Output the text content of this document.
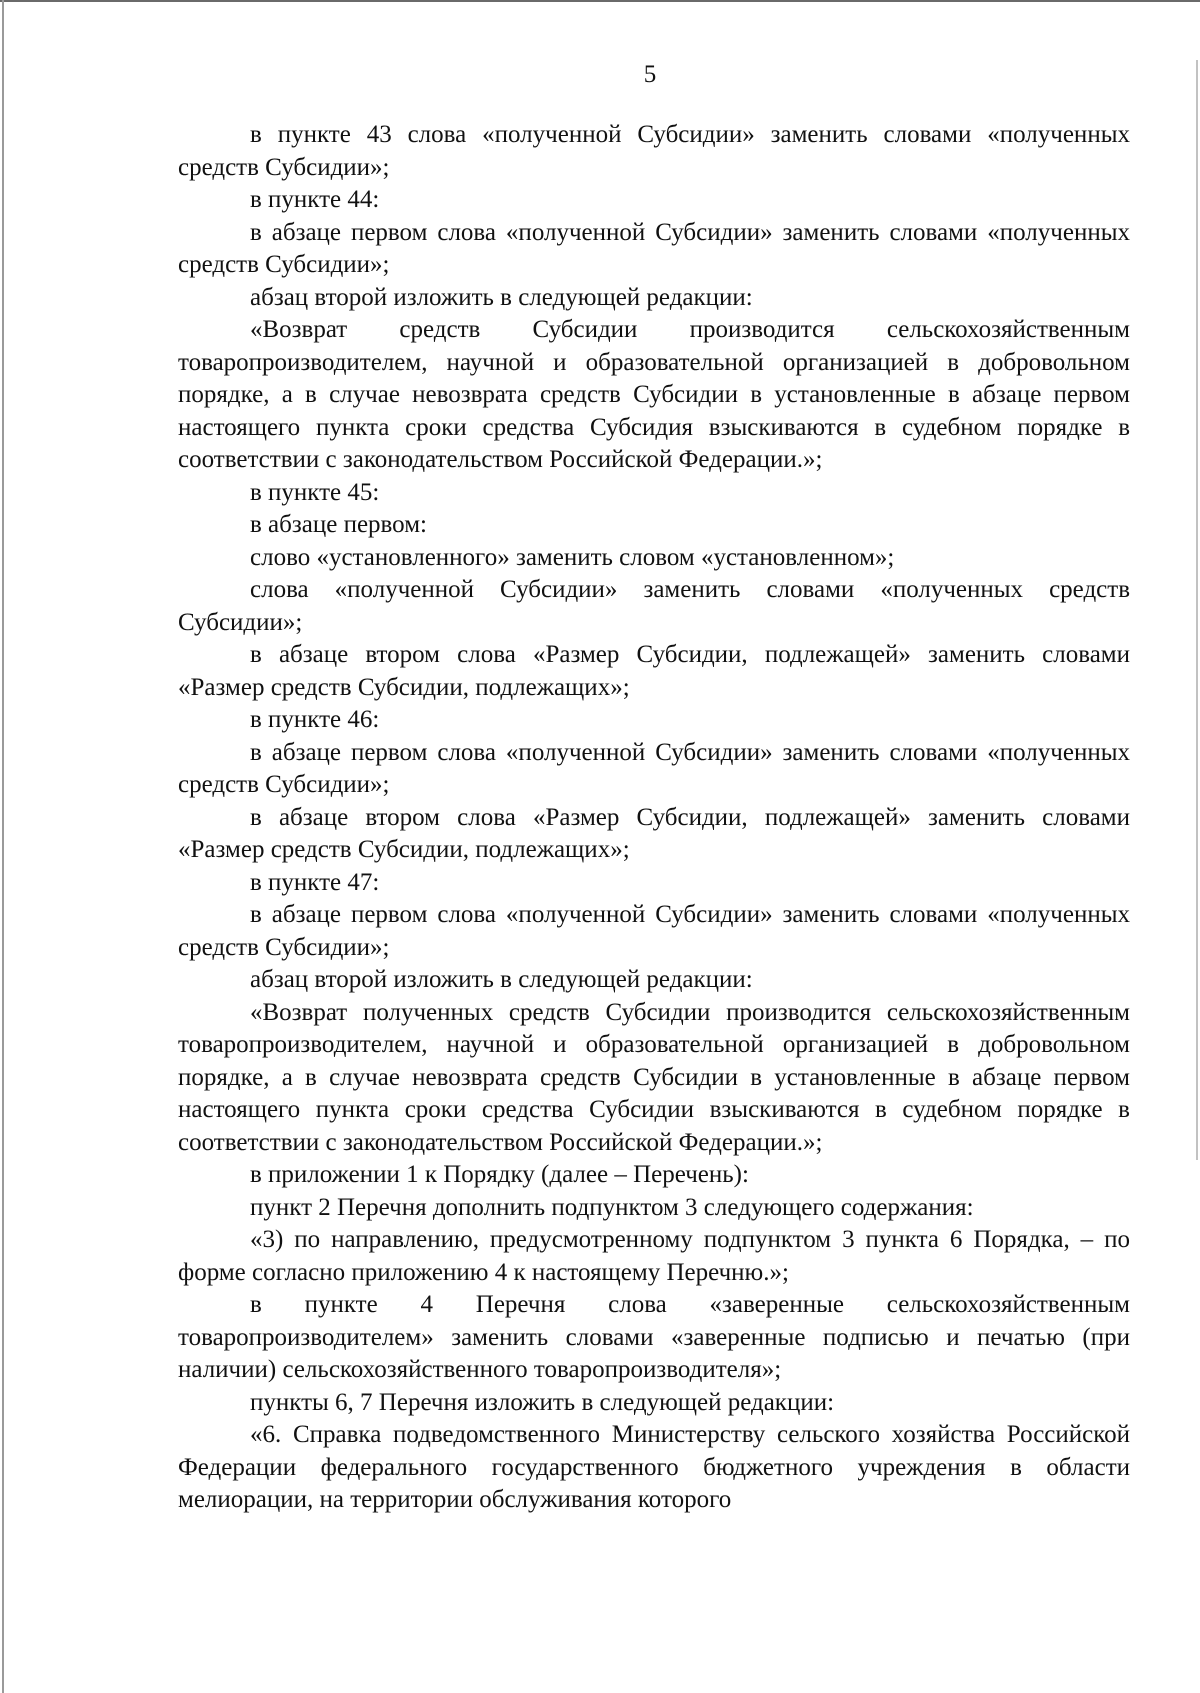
5

в пункте 43 слова «полученной Субсидии» заменить словами «полученных средств Субсидии»;

в пункте 44:

в абзаце первом слова «полученной Субсидии» заменить словами «полученных средств Субсидии»;

абзац второй изложить в следующей редакции:

«Возврат средств Субсидии производится сельскохозяйственным товаропроизводителем, научной и образовательной организацией в добровольном порядке, а в случае невозврата средств Субсидии в установленные в абзаце первом настоящего пункта сроки средства Субсидия взыскиваются в судебном порядке в соответствии с законодательством Российской Федерации.»;

в пункте 45:

в абзаце первом:

слово «установленного» заменить словом «установленном»;

слова «полученной Субсидии» заменить словами «полученных средств Субсидии»;

в абзаце втором слова «Размер Субсидии, подлежащей» заменить словами «Размер средств Субсидии, подлежащих»;

в пункте 46:

в абзаце первом слова «полученной Субсидии» заменить словами «полученных средств Субсидии»;

в абзаце втором слова «Размер Субсидии, подлежащей» заменить словами «Размер средств Субсидии, подлежащих»;

в пункте 47:

в абзаце первом слова «полученной Субсидии» заменить словами «полученных средств Субсидии»;

абзац второй изложить в следующей редакции:

«Возврат полученных средств Субсидии производится сельскохозяйственным товаропроизводителем, научной и образовательной организацией в добровольном порядке, а в случае невозврата средств Субсидии в установленные в абзаце первом настоящего пункта сроки средства Субсидии взыскиваются в судебном порядке в соответствии с законодательством Российской Федерации.»;

в приложении 1 к Порядку (далее – Перечень):

пункт 2 Перечня дополнить подпунктом 3 следующего содержания:

«3) по направлению, предусмотренному подпунктом 3 пункта 6 Порядка, – по форме согласно приложению 4 к настоящему Перечню.»;

в пункте 4 Перечня слова «заверенные сельскохозяйственным товаропроизводителем» заменить словами «заверенные подписью и печатью (при наличии) сельскохозяйственного товаропроизводителя»;

пункты 6, 7 Перечня изложить в следующей редакции:

«6. Справка подведомственного Министерству сельского хозяйства Российской Федерации федерального государственного бюджетного учреждения в области мелиорации, на территории обслуживания которого
